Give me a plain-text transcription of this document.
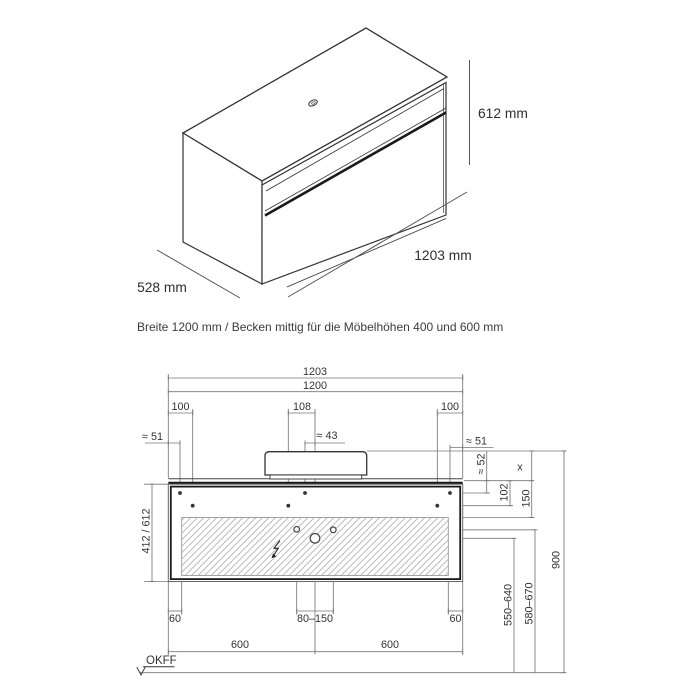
612 mm
1203 mm
528 mm
Breite 1200 mm / Becken mittig für die Möbelhöhen 400 und 600 mm
1203
1200
100	108	100
≈ 51	≈ 43	≈ 51
≈ 52
102 150
x
412 / 612
60	80–150	60
600	600
550–640 580–670
900
OKFF
